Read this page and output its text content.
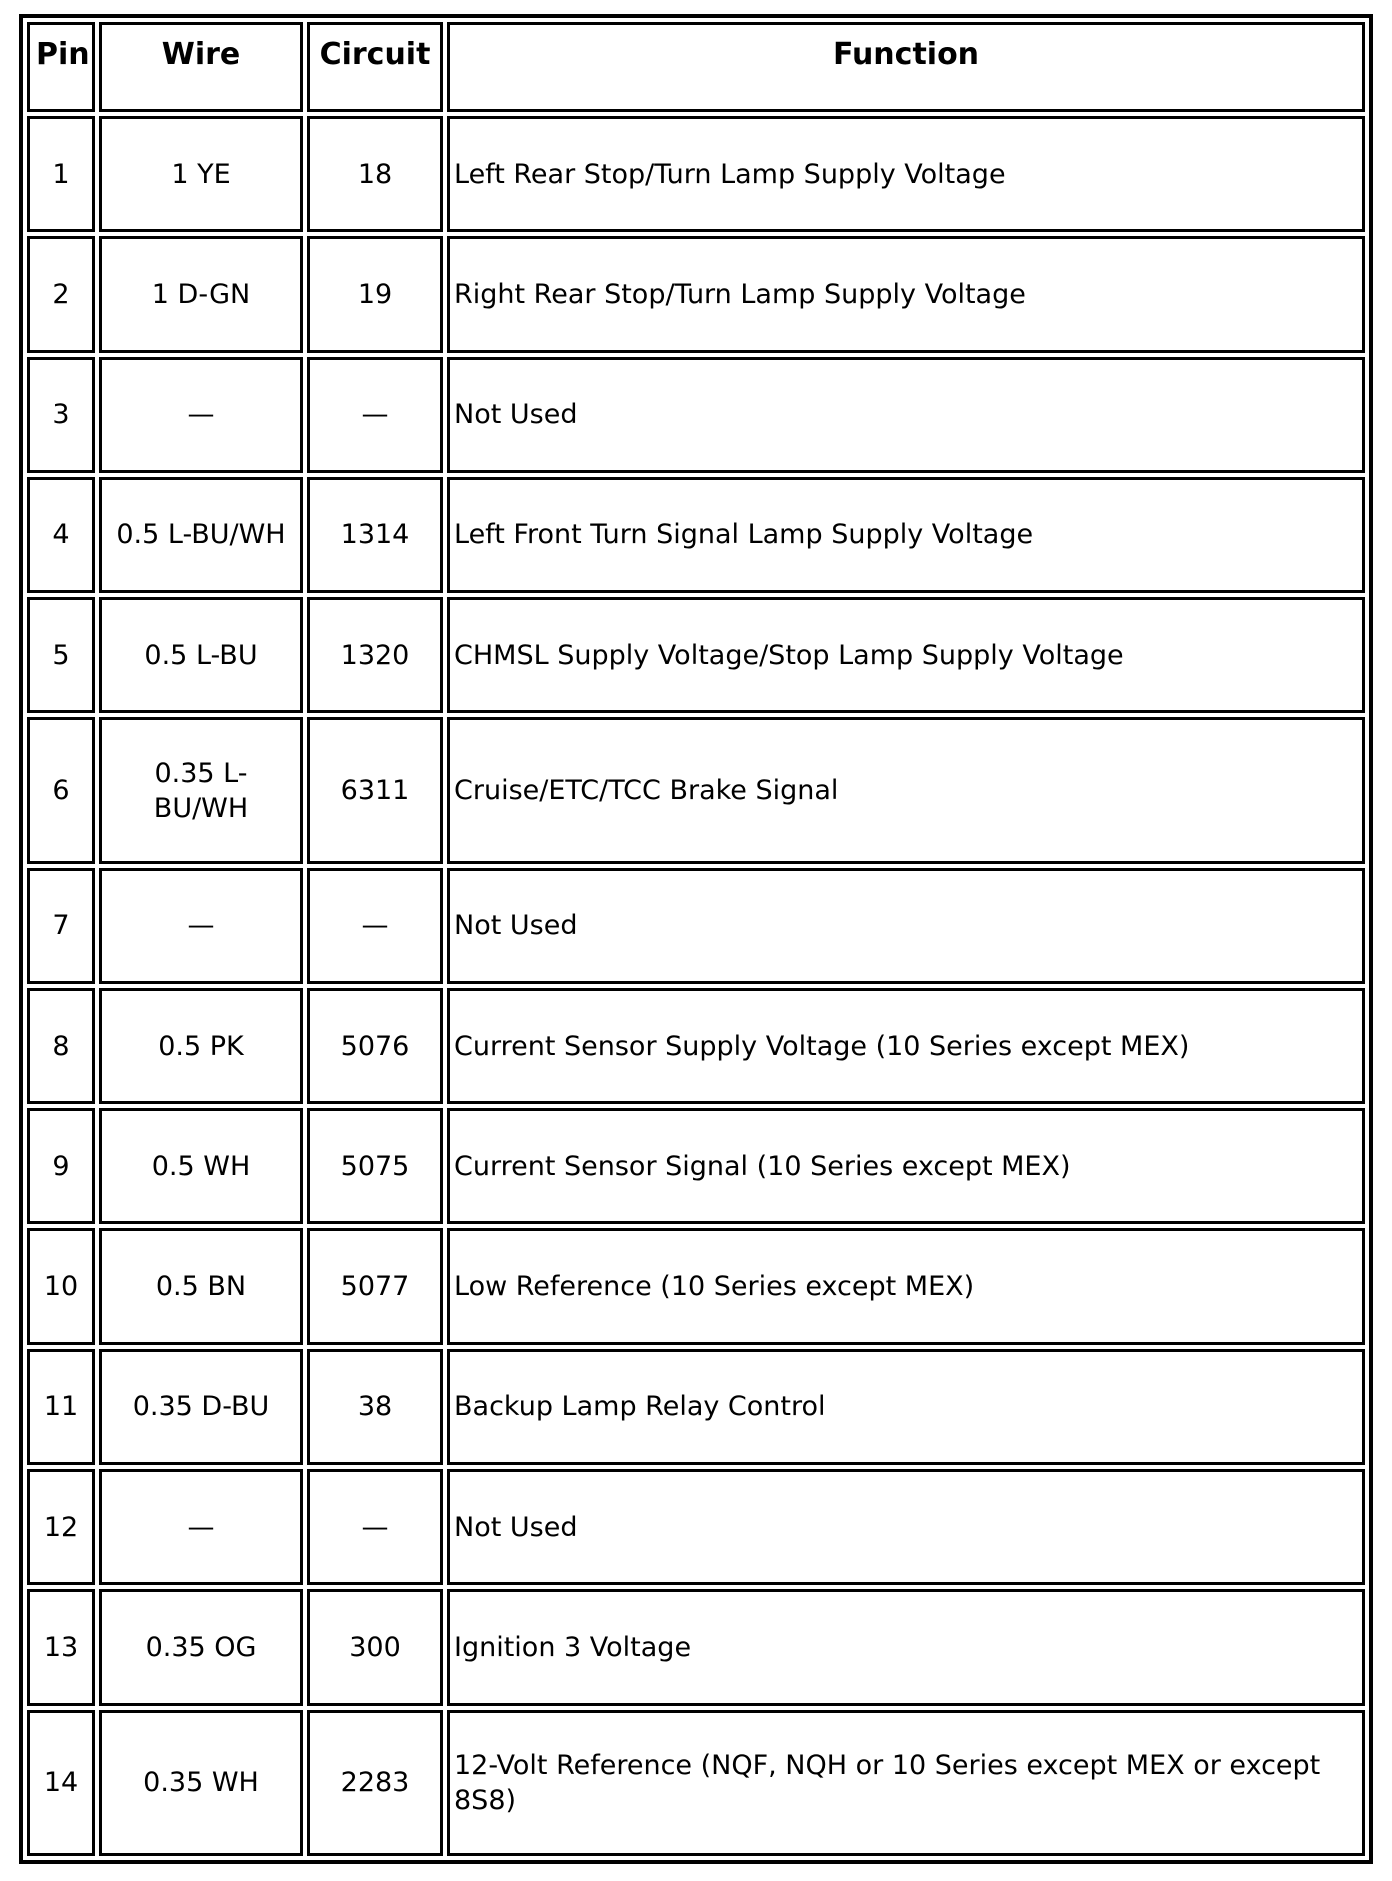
Pin	Wire	Circuit	Function
1	1 YE	18	Left Rear Stop/Turn Lamp Supply Voltage
2	1 D-GN	19	Right Rear Stop/Turn Lamp Supply Voltage
3	—	—	Not Used
4	0.5 L-BU/WH	1314	Left Front Turn Signal Lamp Supply Voltage
5	0.5 L-BU	1320	CHMSL Supply Voltage/Stop Lamp Supply Voltage
6	0.35 L-BU/WH	6311	Cruise/ETC/TCC Brake Signal
7	—	—	Not Used
8	0.5 PK	5076	Current Sensor Supply Voltage (10 Series except MEX)
9	0.5 WH	5075	Current Sensor Signal (10 Series except MEX)
10	0.5 BN	5077	Low Reference (10 Series except MEX)
11	0.35 D-BU	38	Backup Lamp Relay Control
12	—	—	Not Used
13	0.35 OG	300	Ignition 3 Voltage
14	0.35 WH	2283	12-Volt Reference (NQF, NQH or 10 Series except MEX or except 8S8)
